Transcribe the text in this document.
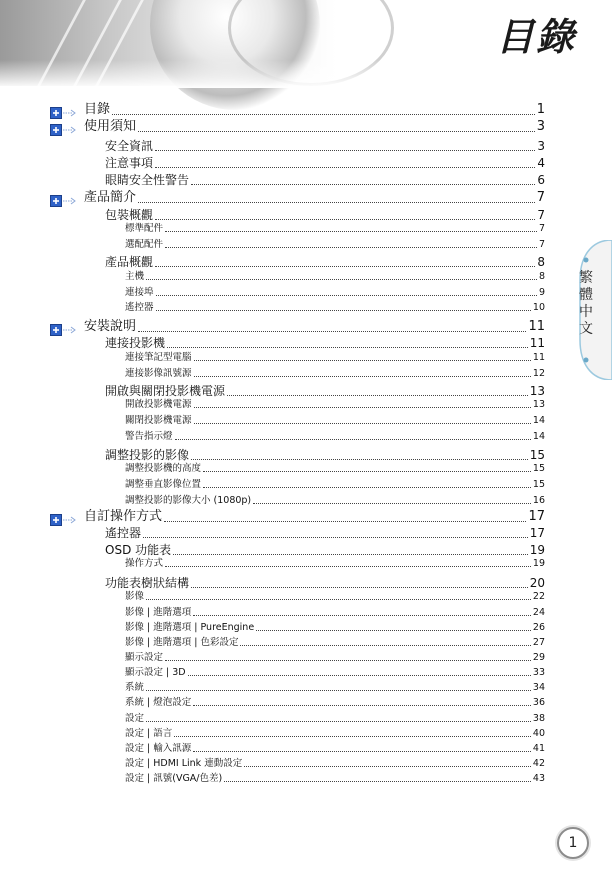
目錄
目錄	1
使用須知	3
安全資訊	3
注意事項	4
眼睛安全性警告	6
產品簡介	7
包裝概觀	7
標準配件	7
選配配件	7
產品概觀	8
主機	8
連接埠	9
遙控器	10
安裝說明	11
連接投影機	11
連接筆記型電腦	11
連接影像訊號源	12
開啟與關閉投影機電源	13
開啟投影機電源	13
關閉投影機電源	14
警告指示燈	14
調整投影的影像	15
調整投影機的高度	15
調整垂直影像位置	15
調整投影的影像大小 (1080p)	16
自訂操作方式	17
遙控器	17
OSD 功能表	19
操作方式	19
功能表樹狀結構	20
影像	22
影像 | 進階選項	24
影像 | 進階選項 | PureEngine	26
影像 | 進階選項 | 色彩設定	27
顯示設定	29
顯示設定 | 3D	33
系統	34
系統 | 燈泡設定	36
設定	38
設定 | 語言	40
設定 | 輸入訊源	41
設定 | HDMI Link 連動設定	42
設定 | 訊號(VGA/色差)	43
繁體中文
1
